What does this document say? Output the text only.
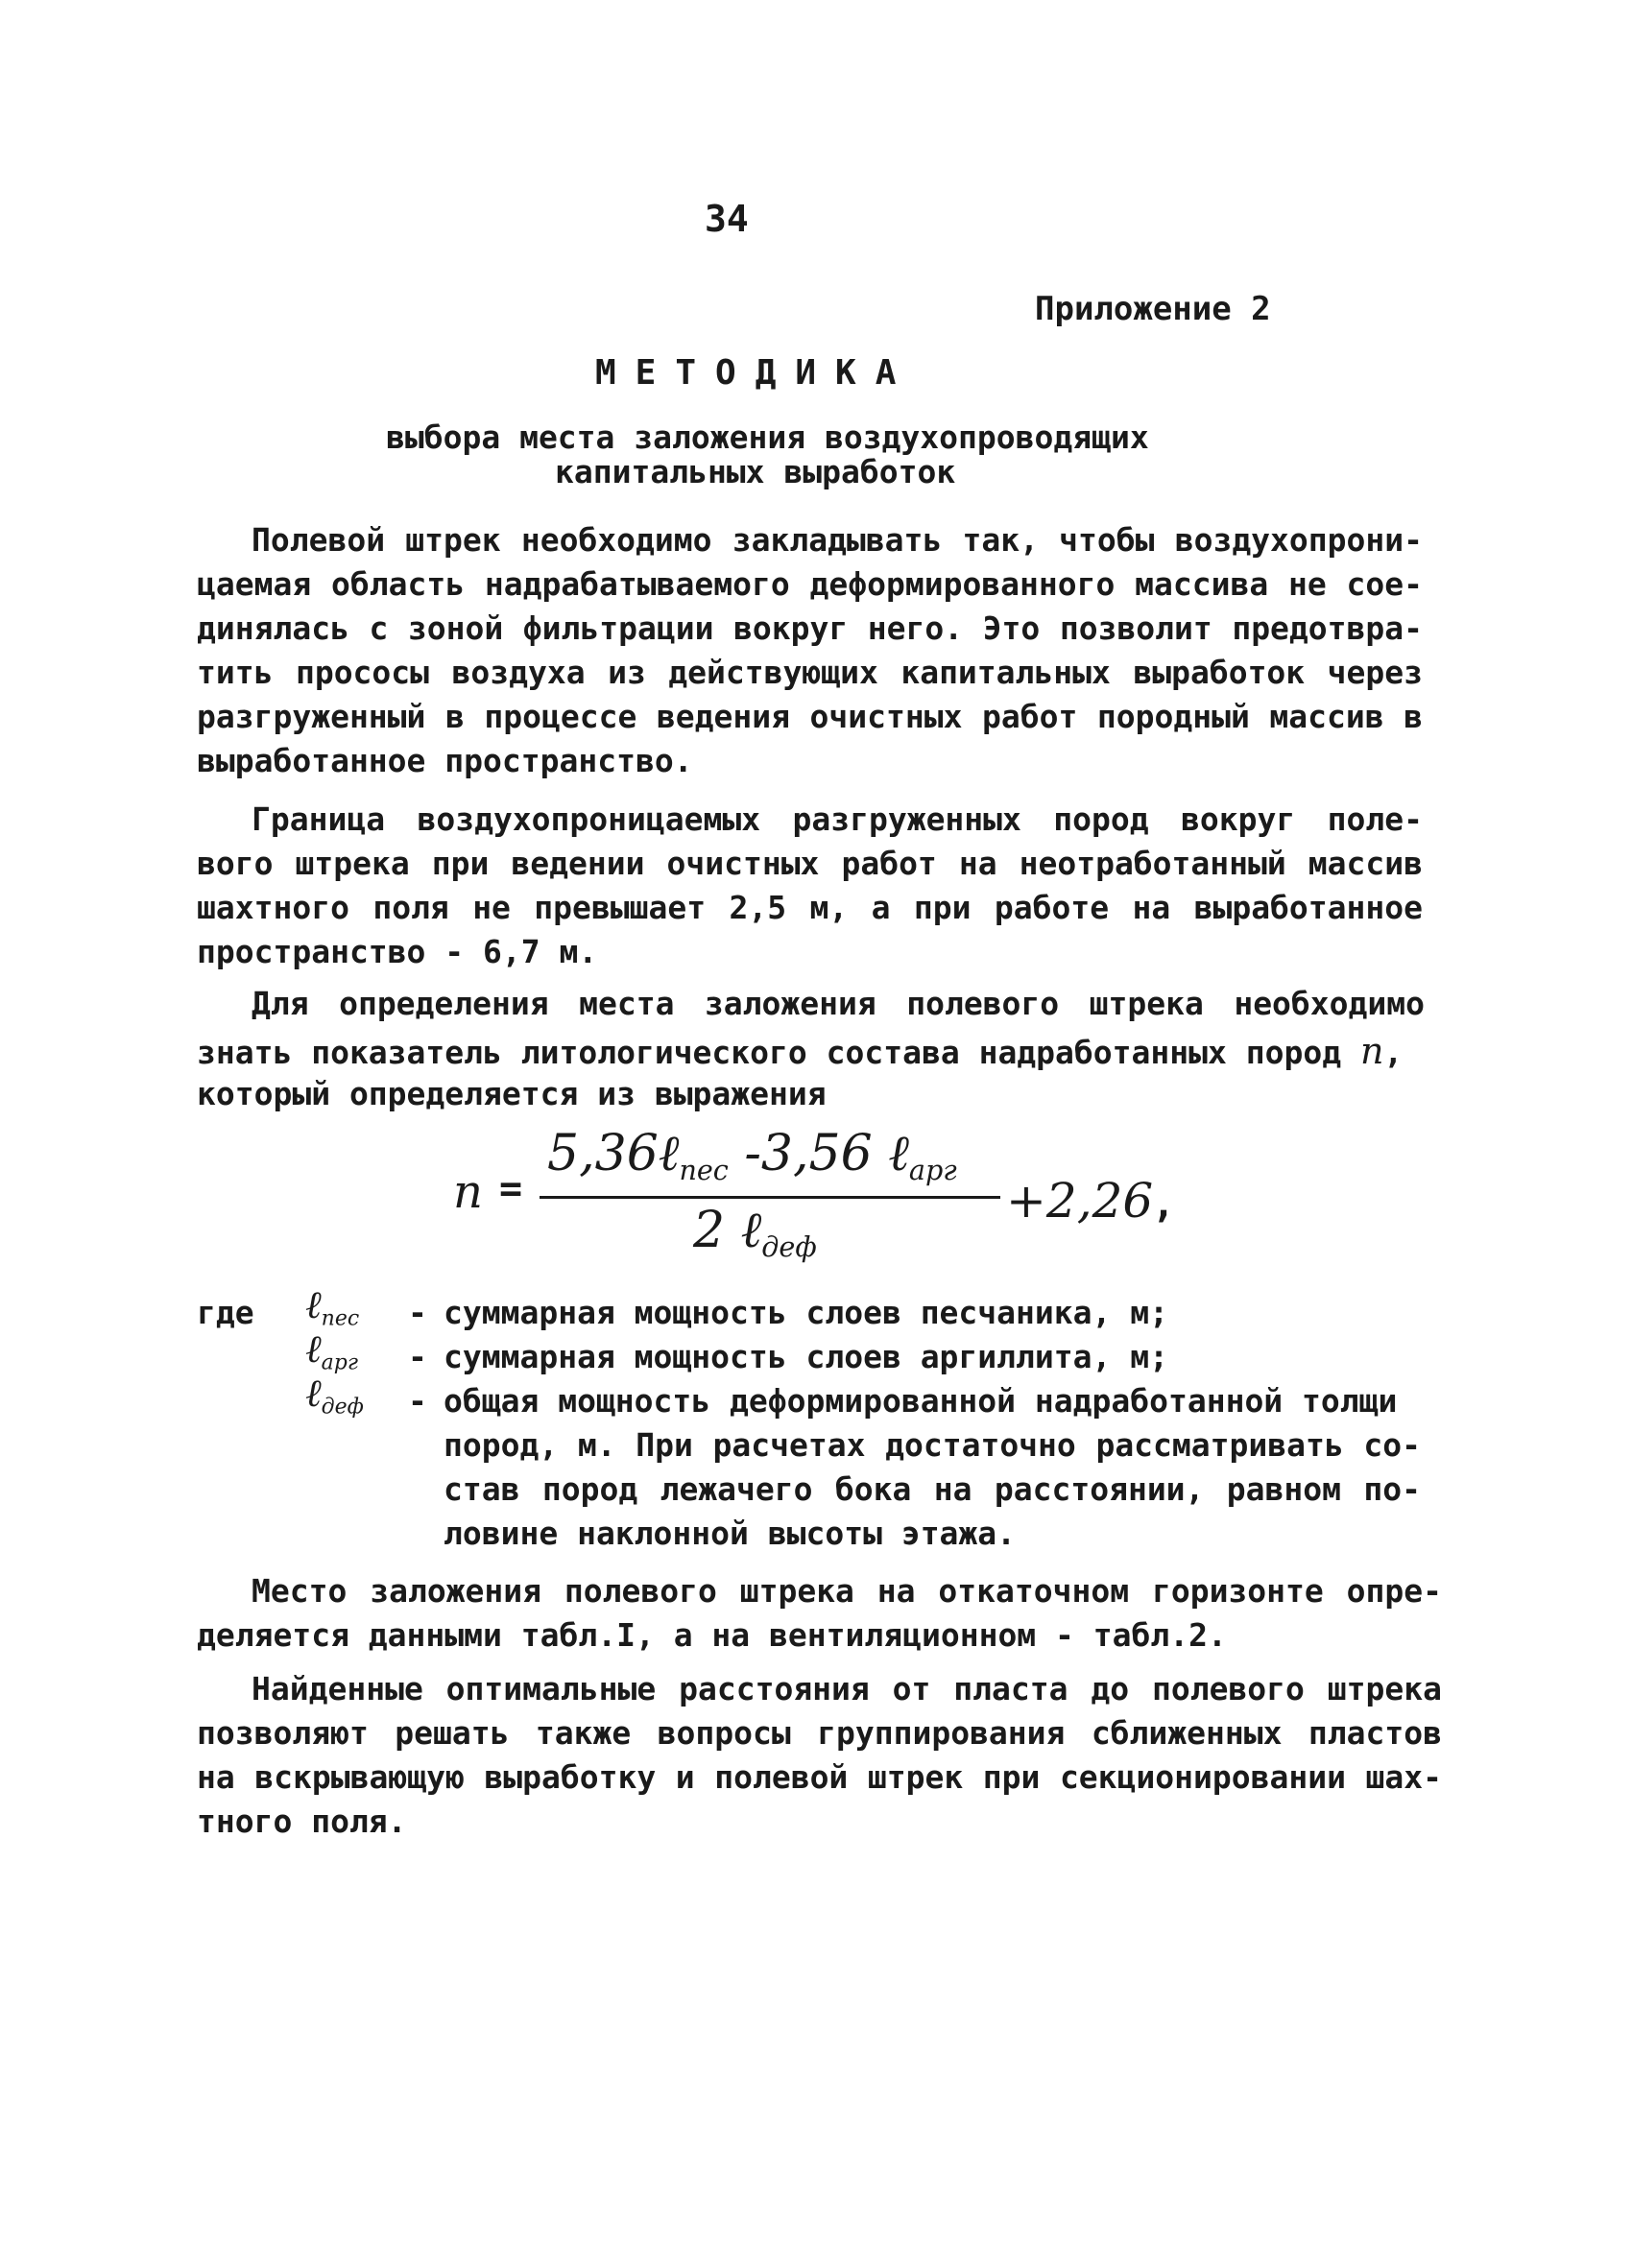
34
Приложение 2
МЕТОДИКА
выбора места заложения воздухопроводящих
капитальных выработок
Полевой штрек необходимо закладывать так, чтобы воздухопрони-
цаемая область надрабатываемого деформированного массива не сое-
динялась с зоной фильтрации вокруг него. Это позволит предотвра-
тить прососы воздуха из действующих капитальных выработок через
разгруженный в процессе ведения очистных работ породный массив в
выработанное пространство.
Граница воздухопроницаемых разгруженных пород вокруг поле-
вого штрека при ведении очистных работ на неотработанный массив
шахтного поля не превышает 2,5 м, а при работе на выработанное
пространство - 6,7 м.
Для определения места заложения полевого штрека необходимо
знать показатель литологического состава надработанных пород n,
который определяется из выражения
n =
5,36ℓ$_{пес}$ -3,56 ℓ$_{арг}$
+2,26
2 ℓ$_{деф}$
,
где ℓ$_{пес}$ - суммарная мощность слоев песчаника, м;
ℓ$_{арг}$ - суммарная мощность слоев аргиллита, м;
ℓ$_{деф}$ - общая мощность деформированной надработанной толщи
пород, м. При расчетах достаточно рассматривать со-
став пород лежачего бока на расстоянии, равном по-
ловине наклонной высоты этажа.
Место заложения полевого штрека на откаточном горизонте опре-
деляется данными табл.I, а на вентиляционном - табл.2.
Найденные оптимальные расстояния от пласта до полевого штрека
позволяют решать также вопросы группирования сближенных пластов
на вскрывающую выработку и полевой штрек при секционировании шах-
тного поля.
